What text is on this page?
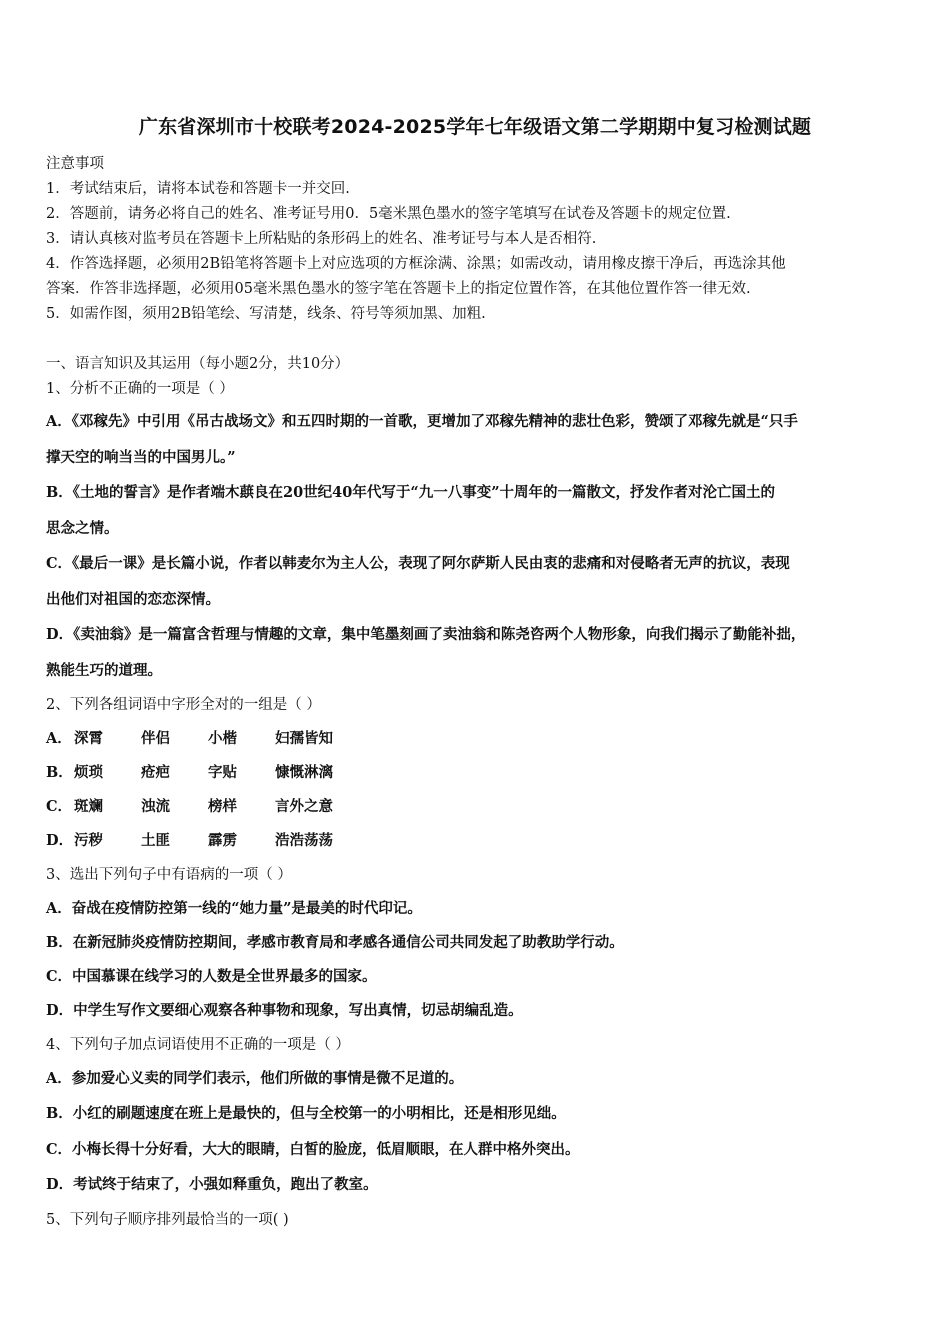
广东省深圳市十校联考2024-2025学年七年级语文第二学期期中复习检测试题
注意事项
1．考试结束后，请将本试卷和答题卡一并交回.
2．答题前，请务必将自己的姓名、准考证号用0．5毫米黑色墨水的签字笔填写在试卷及答题卡的规定位置.
3．请认真核对监考员在答题卡上所粘贴的条形码上的姓名、准考证号与本人是否相符.
4．作答选择题，必须用2B铅笔将答题卡上对应选项的方框涂满、涂黑；如需改动，请用橡皮擦干净后，再选涂其他
答案．作答非选择题，必须用05毫米黑色墨水的签字笔在答题卡上的指定位置作答，在其他位置作答一律无效.
5．如需作图，须用2B铅笔绘、写清楚，线条、符号等须加黑、加粗.
一、语言知识及其运用（每小题2分，共10分）
1、分析不正确的一项是（ ）
A．《邓稼先》中引用《吊古战场文》和五四时期的一首歌，更增加了邓稼先精神的悲壮色彩，赞颂了邓稼先就是“只手
撑天空的响当当的中国男儿。”
B．《土地的誓言》是作者端木蕻良在20世纪40年代写于“九一八事变”十周年的一篇散文，抒发作者对沦亡国土的
思念之情。
C．《最后一课》是长篇小说，作者以韩麦尔为主人公，表现了阿尔萨斯人民由衷的悲痛和对侵略者无声的抗议，表现
出他们对祖国的恋恋深情。
D．《卖油翁》是一篇富含哲理与情趣的文章，集中笔墨刻画了卖油翁和陈尧咨两个人物形象，向我们揭示了勤能补拙，
熟能生巧的道理。
2、下列各组词语中字形全对的一组是（ ）
A． 深霄	伴侣	小楷	妇孺皆知
B．烦琐	疮疤	字贴	慷慨淋漓
C． 斑斓	浊流	榜样	言外之意
D．污秽	土匪	霹雳	浩浩荡荡
3、选出下列句子中有语病的一项（ ）
A．奋战在疫情防控第一线的“她力量”是最美的时代印记。
B．在新冠肺炎疫情防控期间，孝感市教育局和孝感各通信公司共同发起了助教助学行动。
C．中国慕课在线学习的人数是全世界最多的国家。
D．中学生写作文要细心观察各种事物和现象，写出真情，切忌胡编乱造。
4、下列句子加点词语使用不正确的一项是（ ）
A．参加爱心义卖的同学们表示，他们所做的事情是微不足道的。
B．小红的刷题速度在班上是最快的，但与全校第一的小明相比，还是相形见绌。
C．小梅长得十分好看，大大的眼睛，白皙的脸庞，低眉顺眼，在人群中格外突出。
D．考试终于结束了，小强如释重负，跑出了教室。
5、下列句子顺序排列最恰当的一项( )
